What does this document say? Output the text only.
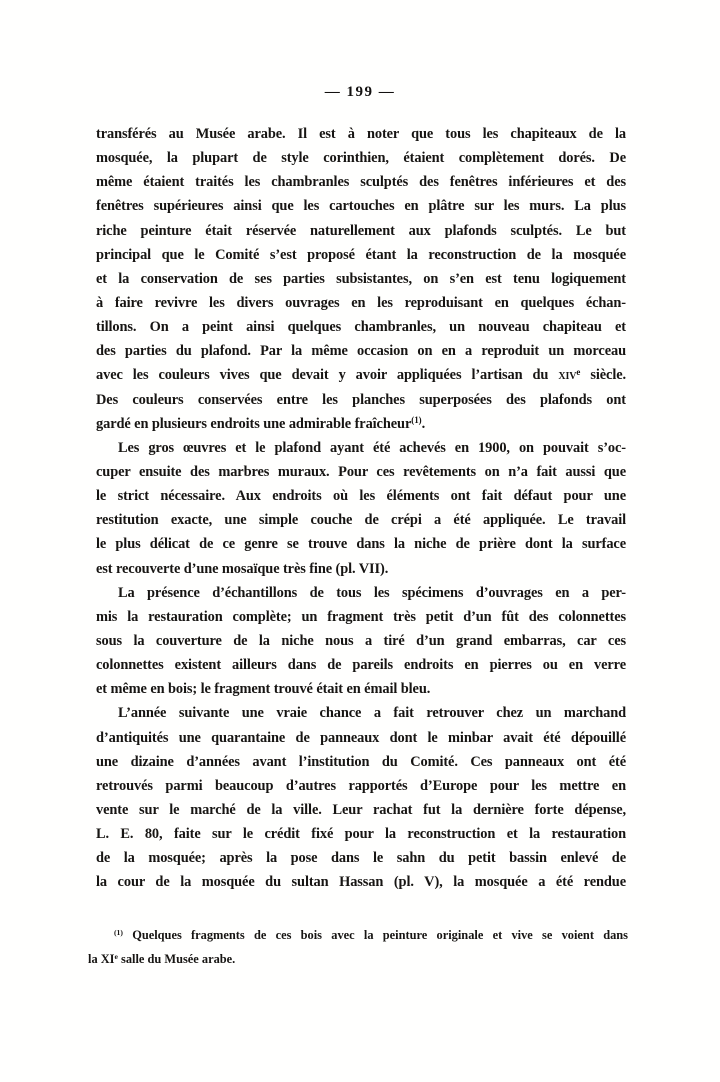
— 199 —
transférés au Musée arabe. Il est à noter que tous les chapiteaux de la
mosquée, la plupart de style corinthien, étaient complètement dorés. De
même étaient traités les chambranles sculptés des fenêtres inférieures et des
fenêtres supérieures ainsi que les cartouches en plâtre sur les murs. La plus
riche peinture était réservée naturellement aux plafonds sculptés. Le but
principal que le Comité s’est proposé étant la reconstruction de la mosquée
et la conservation de ses parties subsistantes, on s’en est tenu logiquement
à faire revivre les divers ouvrages en les reproduisant en quelques échan-
tillons. On a peint ainsi quelques chambranles, un nouveau chapiteau et
des parties du plafond. Par la même occasion on en a reproduit un morceau
avec les couleurs vives que devait y avoir appliquées l’artisan du xiv$^e$ siècle.
Des couleurs conservées entre les planches superposées des plafonds ont
gardé en plusieurs endroits une admirable fraîcheur$^{(1)}$.
Les gros œuvres et le plafond ayant été achevés en 1900, on pouvait s’oc-
cuper ensuite des marbres muraux. Pour ces revêtements on n’a fait aussi que
le strict nécessaire. Aux endroits où les éléments ont fait défaut pour une
restitution exacte, une simple couche de crépi a été appliquée. Le travail
le plus délicat de ce genre se trouve dans la niche de prière dont la surface
est recouverte d’une mosaïque très fine (pl. VII).
La présence d’échantillons de tous les spécimens d’ouvrages en a per-
mis la restauration complète; un fragment très petit d’un fût des colonnettes
sous la couverture de la niche nous a tiré d’un grand embarras, car ces
colonnettes existent ailleurs dans de pareils endroits en pierres ou en verre
et même en bois; le fragment trouvé était en émail bleu.
L’année suivante une vraie chance a fait retrouver chez un marchand
d’antiquités une quarantaine de panneaux dont le minbar avait été dépouillé
une dizaine d’années avant l’institution du Comité. Ces panneaux ont été
retrouvés parmi beaucoup d’autres rapportés d’Europe pour les mettre en
vente sur le marché de la ville. Leur rachat fut la dernière forte dépense,
L. E. 80, faite sur le crédit fixé pour la reconstruction et la restauration
de la mosquée; après la pose dans le sahn du petit bassin enlevé de
la cour de la mosquée du sultan Hassan (pl. V), la mosquée a été rendue
$^{(1)}$ Quelques fragments de ces bois avec la peinture originale et vive se voient dans
la XIe salle du Musée arabe.
